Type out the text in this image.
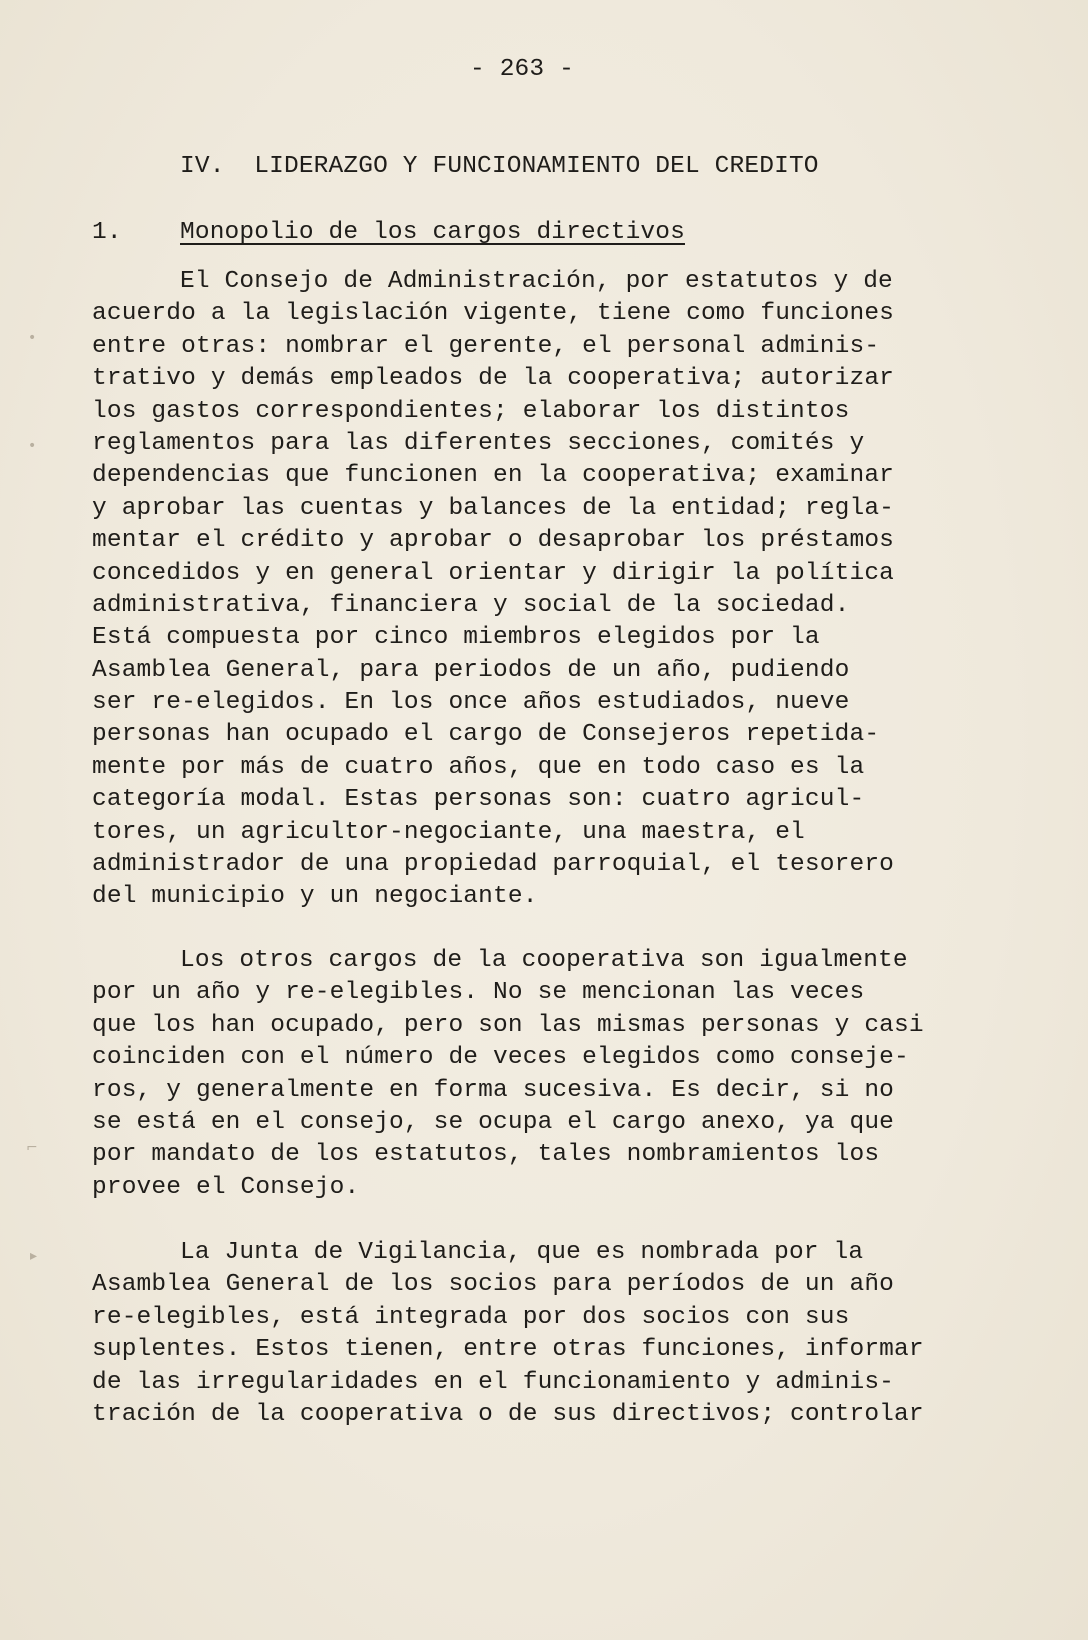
- 263 -
IV.  LIDERAZGO Y FUNCIONAMIENTO DEL CREDITO
1. Monopolio de los cargos directivos
El Consejo de Administración, por estatutos y de
acuerdo a la legislación vigente, tiene como funciones
entre otras: nombrar el gerente, el personal adminis-
trativo y demás empleados de la cooperativa; autorizar
los gastos correspondientes; elaborar los distintos
reglamentos para las diferentes secciones, comités y
dependencias que funcionen en la cooperativa; examinar
y aprobar las cuentas y balances de la entidad; regla-
mentar el crédito y aprobar o desaprobar los préstamos
concedidos y en general orientar y dirigir la política
administrativa, financiera y social de la sociedad.
Está compuesta por cinco miembros elegidos por la
Asamblea General, para periodos de un año, pudiendo
ser re-elegidos. En los once años estudiados, nueve
personas han ocupado el cargo de Consejeros repetida-
mente por más de cuatro años, que en todo caso es la
categoría modal. Estas personas son: cuatro agricul-
tores, un agricultor-negociante, una maestra, el
administrador de una propiedad parroquial, el tesorero
del municipio y un negociante.
Los otros cargos de la cooperativa son igualmente
por un año y re-elegibles. No se mencionan las veces
que los han ocupado, pero son las mismas personas y casi
coinciden con el número de veces elegidos como conseje-
ros, y generalmente en forma sucesiva. Es decir, si no
se está en el consejo, se ocupa el cargo anexo, ya que
por mandato de los estatutos, tales nombramientos los
provee el Consejo.
La Junta de Vigilancia, que es nombrada por la
Asamblea General de los socios para períodos de un año
re-elegibles, está integrada por dos socios con sus
suplentes. Estos tienen, entre otras funciones, informar
de las irregularidades en el funcionamiento y adminis-
tración de la cooperativa o de sus directivos; controlar
•
•
⌐
▸
